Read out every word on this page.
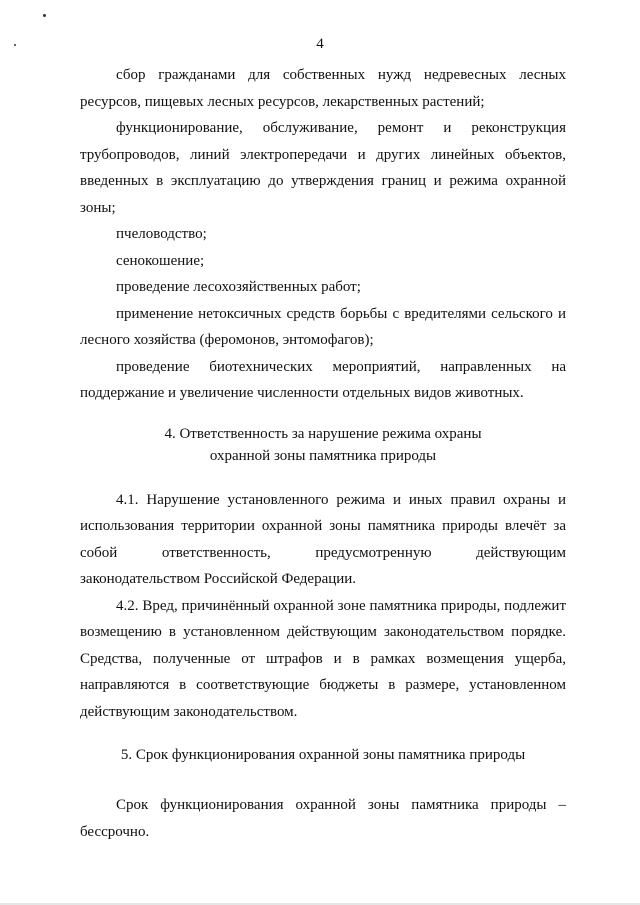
4

сбор гражданами для собственных нужд недревесных лесных ресурсов, пищевых лесных ресурсов, лекарственных растений;

функционирование, обслуживание, ремонт и реконструкция трубопроводов, линий электропередачи и других линейных объектов, введенных в эксплуатацию до утверждения границ и режима охранной зоны;

пчеловодство;

сенокошение;

проведение лесохозяйственных работ;

применение нетоксичных средств борьбы с вредителями сельского и лесного хозяйства (феромонов, энтомофагов);

проведение биотехнических мероприятий, направленных на поддержание и увеличение численности отдельных видов животных.

4. Ответственность за нарушение режима охраны
охранной зоны памятника природы

4.1. Нарушение установленного режима и иных правил охраны и использования территории охранной зоны памятника природы влечёт за собой ответственность, предусмотренную действующим законодательством Российской Федерации.

4.2. Вред, причинённый охранной зоне памятника природы, подлежит возмещению в установленном действующим законодательством порядке. Средства, полученные от штрафов и в рамках возмещения ущерба, направляются в соответствующие бюджеты в размере, установленном действующим законодательством.

5. Срок функционирования охранной зоны памятника природы

Срок функционирования охранной зоны памятника природы – бессрочно.
